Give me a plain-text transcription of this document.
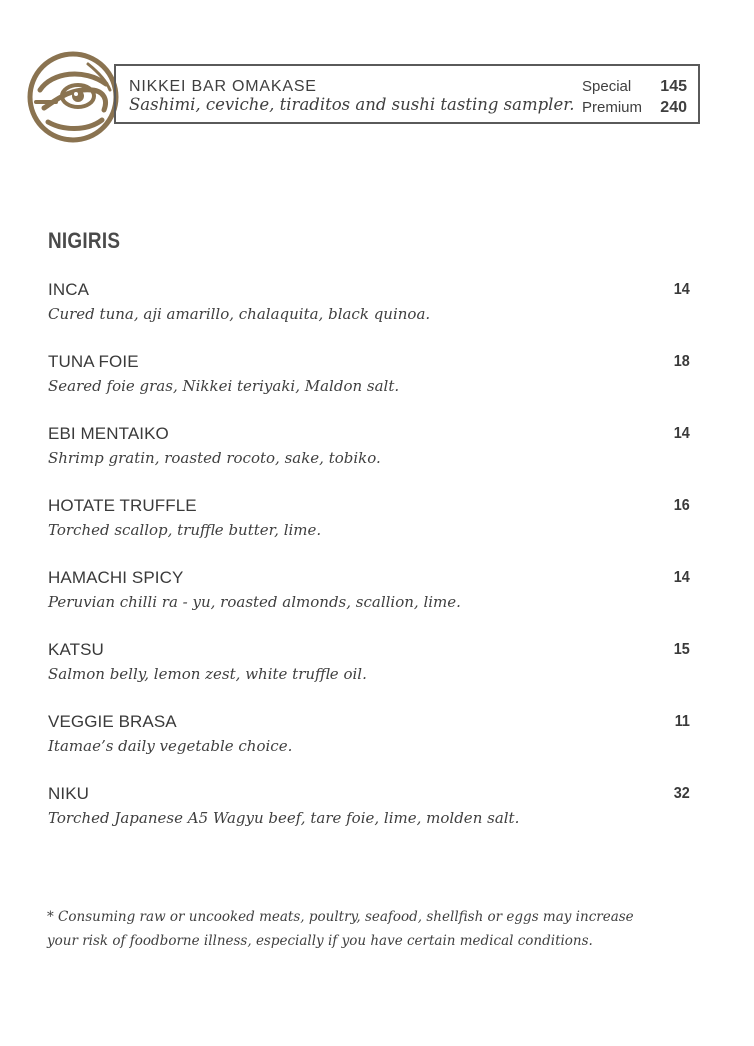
NIKKEI BAR OMAKASE
Sashimi, ceviche, tiraditos and sushi tasting sampler.
Special 145
Premium 240
NIGIRIS
INCA	14
Cured tuna, aji amarillo, chalaquita, black quinoa.
TUNA FOIE	18
Seared foie gras, Nikkei teriyaki, Maldon salt.
EBI MENTAIKO	14
Shrimp gratin, roasted rocoto, sake, tobiko.
HOTATE TRUFFLE	16
Torched scallop, truffle butter, lime.
HAMACHI SPICY	14
Peruvian chilli ra - yu, roasted almonds, scallion, lime.
KATSU	15
Salmon belly, lemon zest, white truffle oil.
VEGGIE BRASA	11
Itamae’s daily vegetable choice.
NIKU	32
Torched Japanese A5 Wagyu beef, tare foie, lime, molden salt.
* Consuming raw or uncooked meats, poultry, seafood, shellfish or eggs may increase
your risk of foodborne illness, especially if you have certain medical conditions.
